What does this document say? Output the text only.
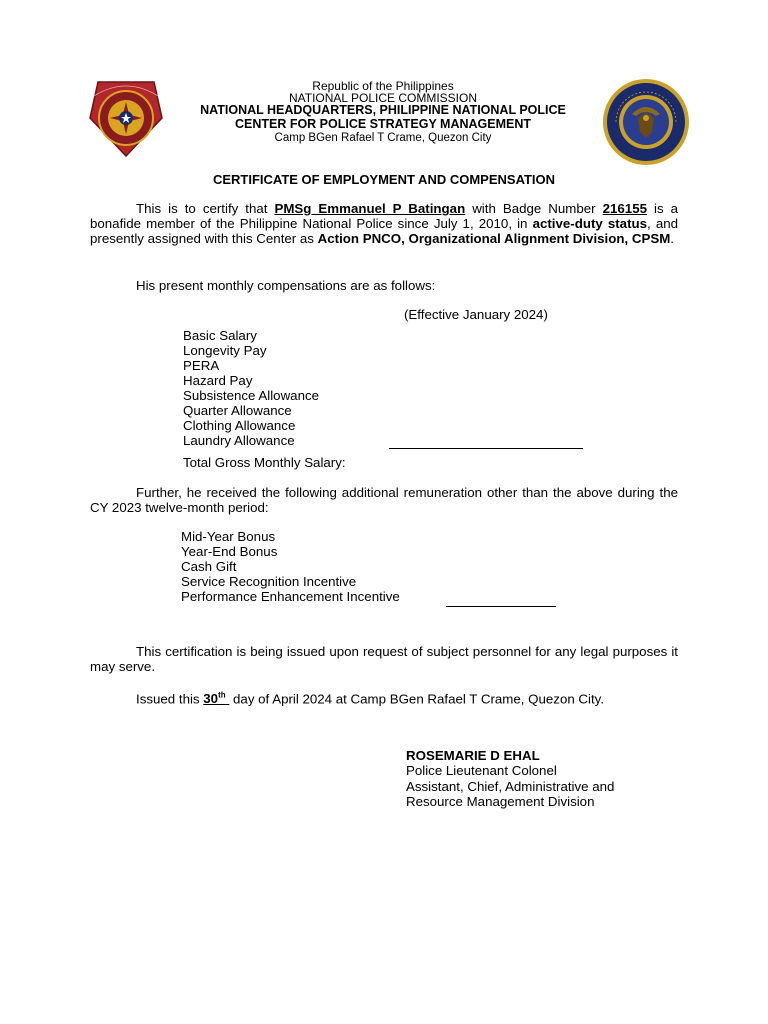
Republic of the Philippines
NATIONAL POLICE COMMISSION
NATIONAL HEADQUARTERS, PHILIPPINE NATIONAL POLICE
CENTER FOR POLICE STRATEGY MANAGEMENT
Camp BGen Rafael T Crame, Quezon City
CERTIFICATE OF EMPLOYMENT AND COMPENSATION

This is to certify that PMSg Emmanuel P Batingan with Badge Number 216155 is a bonafide member of the Philippine National Police since July 1, 2010, in active-duty status, and presently assigned with this Center as Action PNCO, Organizational Alignment Division, CPSM.

His present monthly compensations are as follows:

(Effective January 2024)
Basic Salary
Longevity Pay
PERA
Hazard Pay
Subsistence Allowance
Quarter Allowance
Clothing Allowance
Laundry Allowance
Total Gross Monthly Salary:

Further, he received the following additional remuneration other than the above during the CY 2023 twelve-month period:

Mid-Year Bonus
Year-End Bonus
Cash Gift
Service Recognition Incentive
Performance Enhancement Incentive

This certification is being issued upon request of subject personnel for any legal purposes it may serve.

Issued this 30th  day of April 2024 at Camp BGen Rafael T Crame, Quezon City.

ROSEMARIE D EHAL
Police Lieutenant Colonel
Assistant, Chief, Administrative and
Resource Management Division
